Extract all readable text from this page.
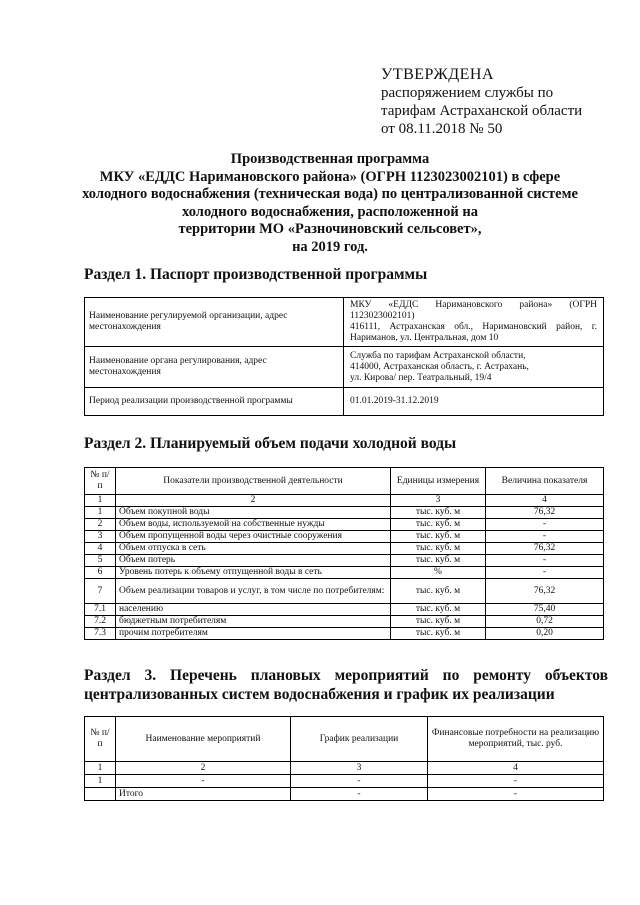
УТВЕРЖДЕНА
распоряжением службы по
тарифам Астраханской области
от 08.11.2018 № 50
Производственная программа
МКУ «ЕДДС Наримановского района» (ОГРН 1123023002101) в сфере
холодного водоснабжения (техническая вода) по централизованной системе
холодного водоснабжения, расположенной на
территории МО «Разночиновский сельсовет»,
на 2019 год.
Раздел 1. Паспорт производственной программы
Наименование регулируемой организации, адрес местонахождения	МКУ «ЕДДС Наримановского района» (ОГРН 1123023002101)
416111, Астраханская обл., Наримановский район, г. Нариманов, ул. Центральная, дом 10

Наименование органа регулирования, адрес местонахождения	Служба по тарифам Астраханской области,
414000, Астраханская область, г. Астрахань,
ул. Кирова/ пер. Театральный, 19/4

Период реализации производственной программы	01.01.2019-31.12.2019
Раздел 2. Планируемый объем подачи холодной воды
№ п/п	Показатели производственной деятельности	Единицы измерения	Величина показателя
1	2	3	4
1	Объем покупной воды	тыс. куб. м	76,32
2	Объем воды, используемой на собственные нужды	тыс. куб. м	-
3	Объем пропущенной воды через очистные сооружения	тыс. куб. м	-
4	Объем отпуска в сеть	тыс. куб. м	76,32
5	Объем потерь	тыс. куб. м	-
6	Уровень потерь к объему отпущенной воды в сеть	%	-
7	Объем реализации товаров и услуг, в том числе по потребителям:	тыс. куб. м	76,32
7.1	населению	тыс. куб. м	75,40
7.2	бюджетным потребителям	тыс. куб. м	0,72
7.3	прочим потребителям	тыс. куб. м	0,20
Раздел 3. Перечень плановых мероприятий по ремонту объектов
централизованных систем водоснабжения и график их реализации
№ п/п	Наименование мероприятий	График реализации	Финансовые потребности на реализацию мероприятий, тыс. руб.
1	2	3	4
1	-	-	-
	Итого	-	-
